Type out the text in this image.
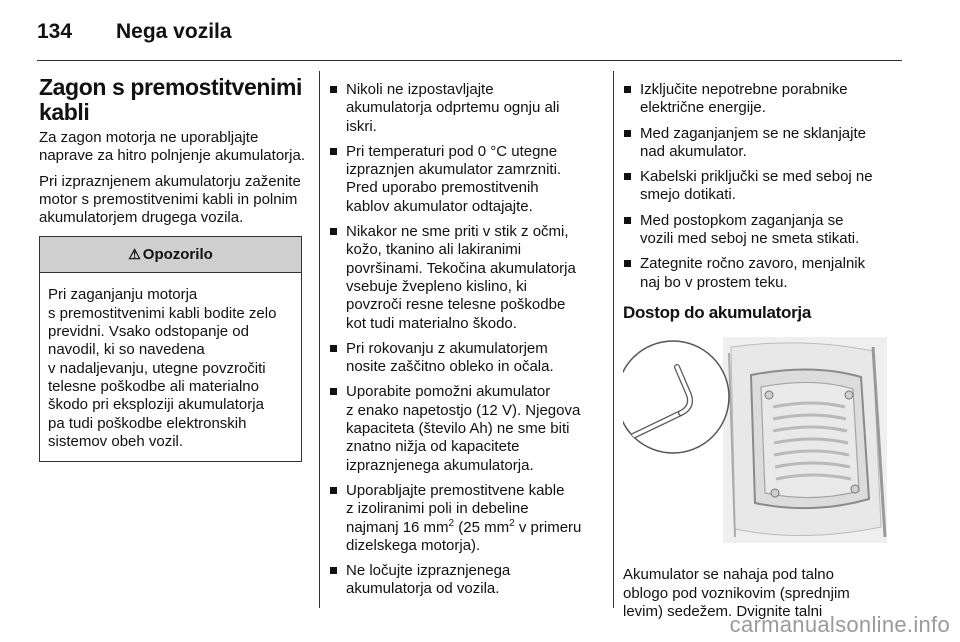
134 Nega vozila
Zagon s premostitvenimi kabli

Za zagon motorja ne uporabljajte naprave za hitro polnjenje akumulatorja.

Pri izpraznjenem akumulatorju zaženite motor s premostitvenimi kabli in polnim akumulatorjem drugega vozila.

⚠ Opozorilo
Pri zaganjanju motorja
s premostitvenimi kabli bodite zelo
previdni. Vsako odstopanje od
navodil, ki so navedena
v nadaljevanju, utegne povzročiti
telesne poškodbe ali materialno
škodo pri eksploziji akumulatorja
pa tudi poškodbe elektronskih
sistemov obeh vozil.
Nikoli ne izpostavljajte
akumulatorja odprtemu ognju ali
iskri.
Pri temperaturi pod 0 °C utegne
izpraznjen akumulator zamrzniti.
Pred uporabo premostitvenih
kablov akumulator odtajajte.
Nikakor ne sme priti v stik z očmi,
kožo, tkanino ali lakiranimi
površinami. Tekočina akumulatorja
vsebuje žvepleno kislino, ki
povzroči resne telesne poškodbe
kot tudi materialno škodo.
Pri rokovanju z akumulatorjem
nosite zaščitno obleko in očala.
Uporabite pomožni akumulator
z enako napetostjo (12 V). Njegova
kapaciteta (število Ah) ne sme biti
znatno nižja od kapacitete
izpraznjenega akumulatorja.
Uporabljajte premostitvene kable
z izoliranimi poli in debeline
najmanj 16 $mm^2$ (25 $mm^2$ v primeru
dizelskega motorja).
Ne ločujte izpraznjenega
akumulatorja od vozila.
Izključite nepotrebne porabnike
električne energije.
Med zaganjanjem se ne sklanjajte
nad akumulator.
Kabelski priključki se med seboj ne
smejo dotikati.
Med postopkom zaganjanja se
vozili med seboj ne smeta stikati.
Zategnite ročno zavoro, menjalnik
naj bo v prostem teku.
Dostop do akumulatorja
Akumulator se nahaja pod talno
oblogo pod voznikovim (sprednjim
levim) sedežem. Dvignite talni
carmanualsonline.info
